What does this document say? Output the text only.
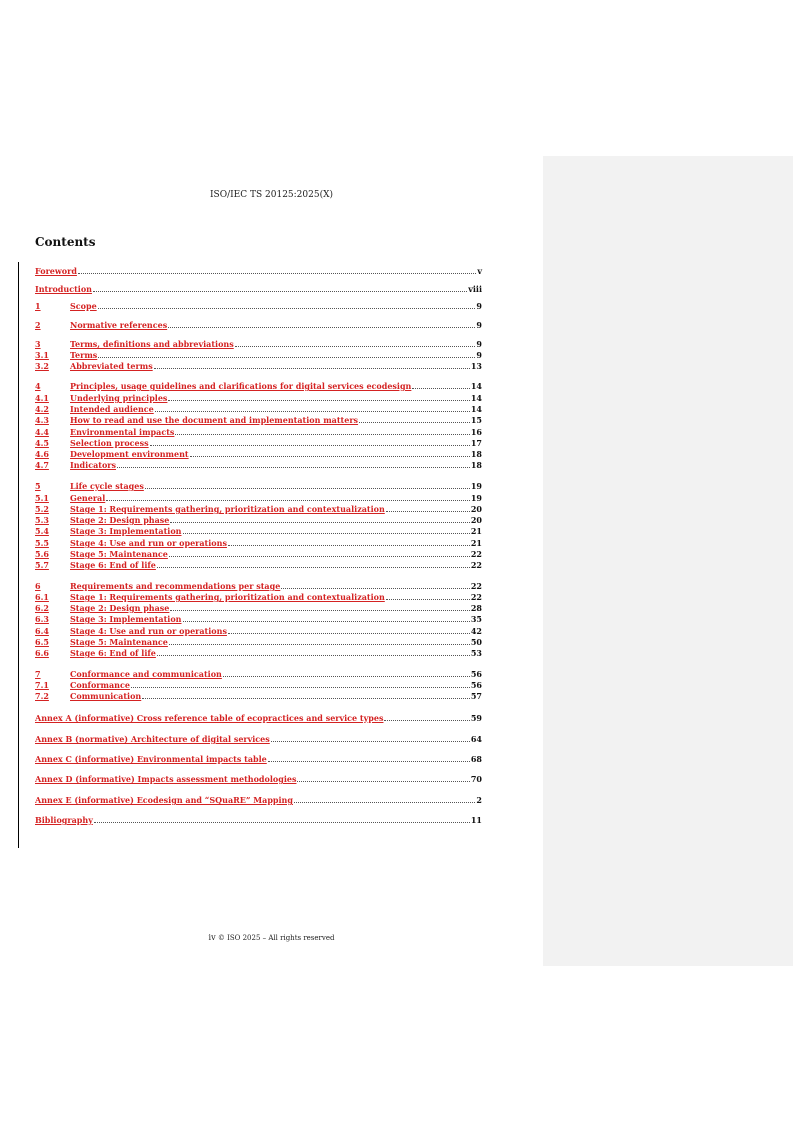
ISO/IEC TS 20125:2025(X)
Contents
Foreword	v
Introduction	viii
1	Scope	9
2	Normative references	9
3	Terms, definitions and abbreviations	9
3.1	Terms	9
3.2	Abbreviated terms	13
4	Principles, usage guidelines and clarifications for digital services ecodesign	14
4.1	Underlying principles	14
4.2	Intended audience	14
4.3	How to read and use the document and implementation matters	15
4.4	Environmental impacts	16
4.5	Selection process	17
4.6	Development environment	18
4.7	Indicators	18
5	Life cycle stages	19
5.1	General	19
5.2	Stage 1: Requirements gathering, prioritization and contextualization	20
5.3	Stage 2: Design phase	20
5.4	Stage 3: Implementation	21
5.5	Stage 4: Use and run or operations	21
5.6	Stage 5: Maintenance	22
5.7	Stage 6: End of life	22
6	Requirements and recommendations per stage	22
6.1	Stage 1: Requirements gathering, prioritization and contextualization	22
6.2	Stage 2: Design phase	28
6.3	Stage 3: Implementation	35
6.4	Stage 4: Use and run or operations	42
6.5	Stage 5: Maintenance	50
6.6	Stage 6: End of life	53
7	Conformance and communication	56
7.1	Conformance	56
7.2	Communication	57
Annex A (informative) Cross reference table of ecopractices and service types	59
Annex B (normative) Architecture of digital services	64
Annex C (informative) Environmental impacts table	68
Annex D (informative) Impacts assessment methodologies	70
Annex E (informative) Ecodesign and “SQuaRE” Mapping	2
Bibliography	11
iv © ISO 2025 – All rights reserved
